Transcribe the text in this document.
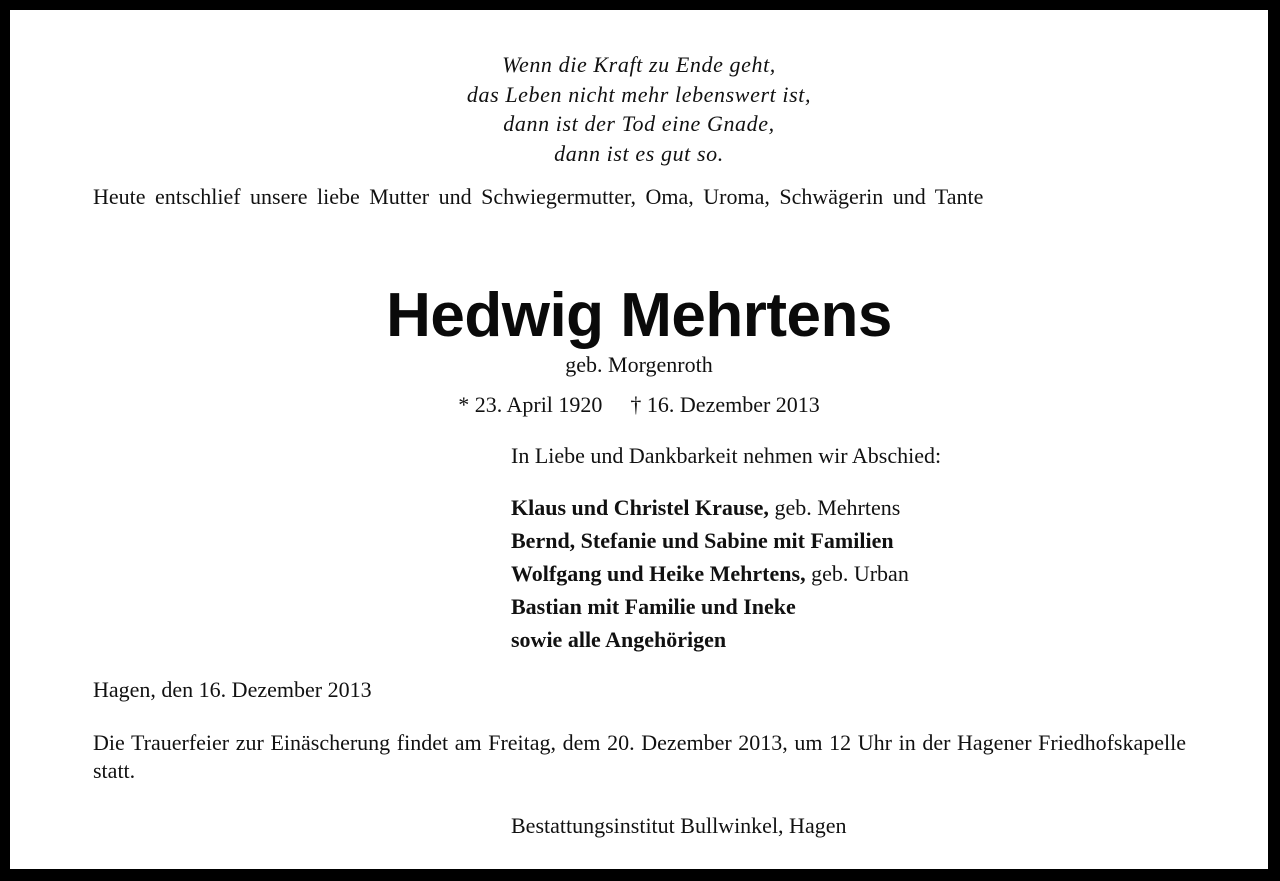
Wenn die Kraft zu Ende geht,
das Leben nicht mehr lebenswert ist,
dann ist der Tod eine Gnade,
dann ist es gut so.

Heute entschlief unsere liebe Mutter und Schwiegermutter, Oma, Uroma, Schwägerin und Tante

Hedwig Mehrtens

geb. Morgenroth

* 23. April 1920 † 16. Dezember 2013

In Liebe und Dankbarkeit nehmen wir Abschied:

Klaus und Christel Krause, geb. Mehrtens
Bernd, Stefanie und Sabine mit Familien
Wolfgang und Heike Mehrtens, geb. Urban
Bastian mit Familie und Ineke
sowie alle Angehörigen

Hagen, den 16. Dezember 2013

Die Trauerfeier zur Einäscherung findet am Freitag, dem 20. Dezember 2013, um 12 Uhr in der Hagener Friedhofskapelle statt.

Bestattungsinstitut Bullwinkel, Hagen
